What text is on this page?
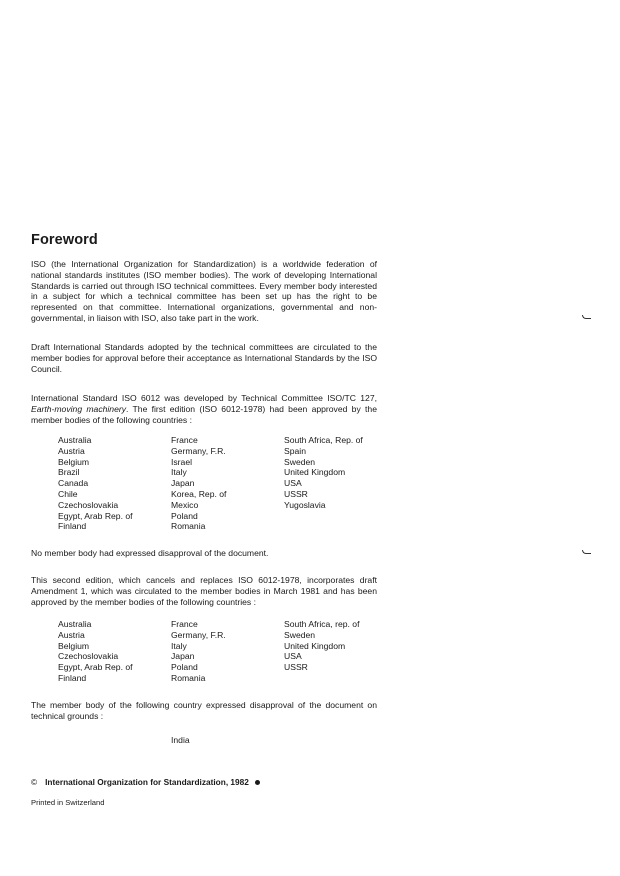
Foreword
ISO (the International Organization for Standardization) is a worldwide federation of national standards institutes (ISO member bodies). The work of developing International Standards is carried out through ISO technical committees. Every member body interested in a subject for which a technical committee has been set up has the right to be represented on that committee. International organizations, governmental and non-governmental, in liaison with ISO, also take part in the work.
Draft International Standards adopted by the technical committees are circulated to the member bodies for approval before their acceptance as International Standards by the ISO Council.
International Standard ISO 6012 was developed by Technical Committee ISO/TC 127, Earth-moving machinery. The first edition (ISO 6012-1978) had been approved by the member bodies of the following countries :
Australia
Austria
Belgium
Brazil
Canada
Chile
Czechoslovakia
Egypt, Arab Rep. of
Finland
France
Germany, F.R.
Israel
Italy
Japan
Korea, Rep. of
Mexico
Poland
Romania
South Africa, Rep. of
Spain
Sweden
United Kingdom
USA
USSR
Yugoslavia
No member body had expressed disapproval of the document.
This second edition, which cancels and replaces ISO 6012-1978, incorporates draft Amendment 1, which was circulated to the member bodies in March 1981 and has been approved by the member bodies of the following countries :
Australia
Austria
Belgium
Czechoslovakia
Egypt, Arab Rep. of
Finland
France
Germany, F.R.
Italy
Japan
Poland
Romania
South Africa, rep. of
Sweden
United Kingdom
USA
USSR
The member body of the following country expressed disapproval of the document on technical grounds :
India
© International Organization for Standardization, 1982
Printed in Switzerland
